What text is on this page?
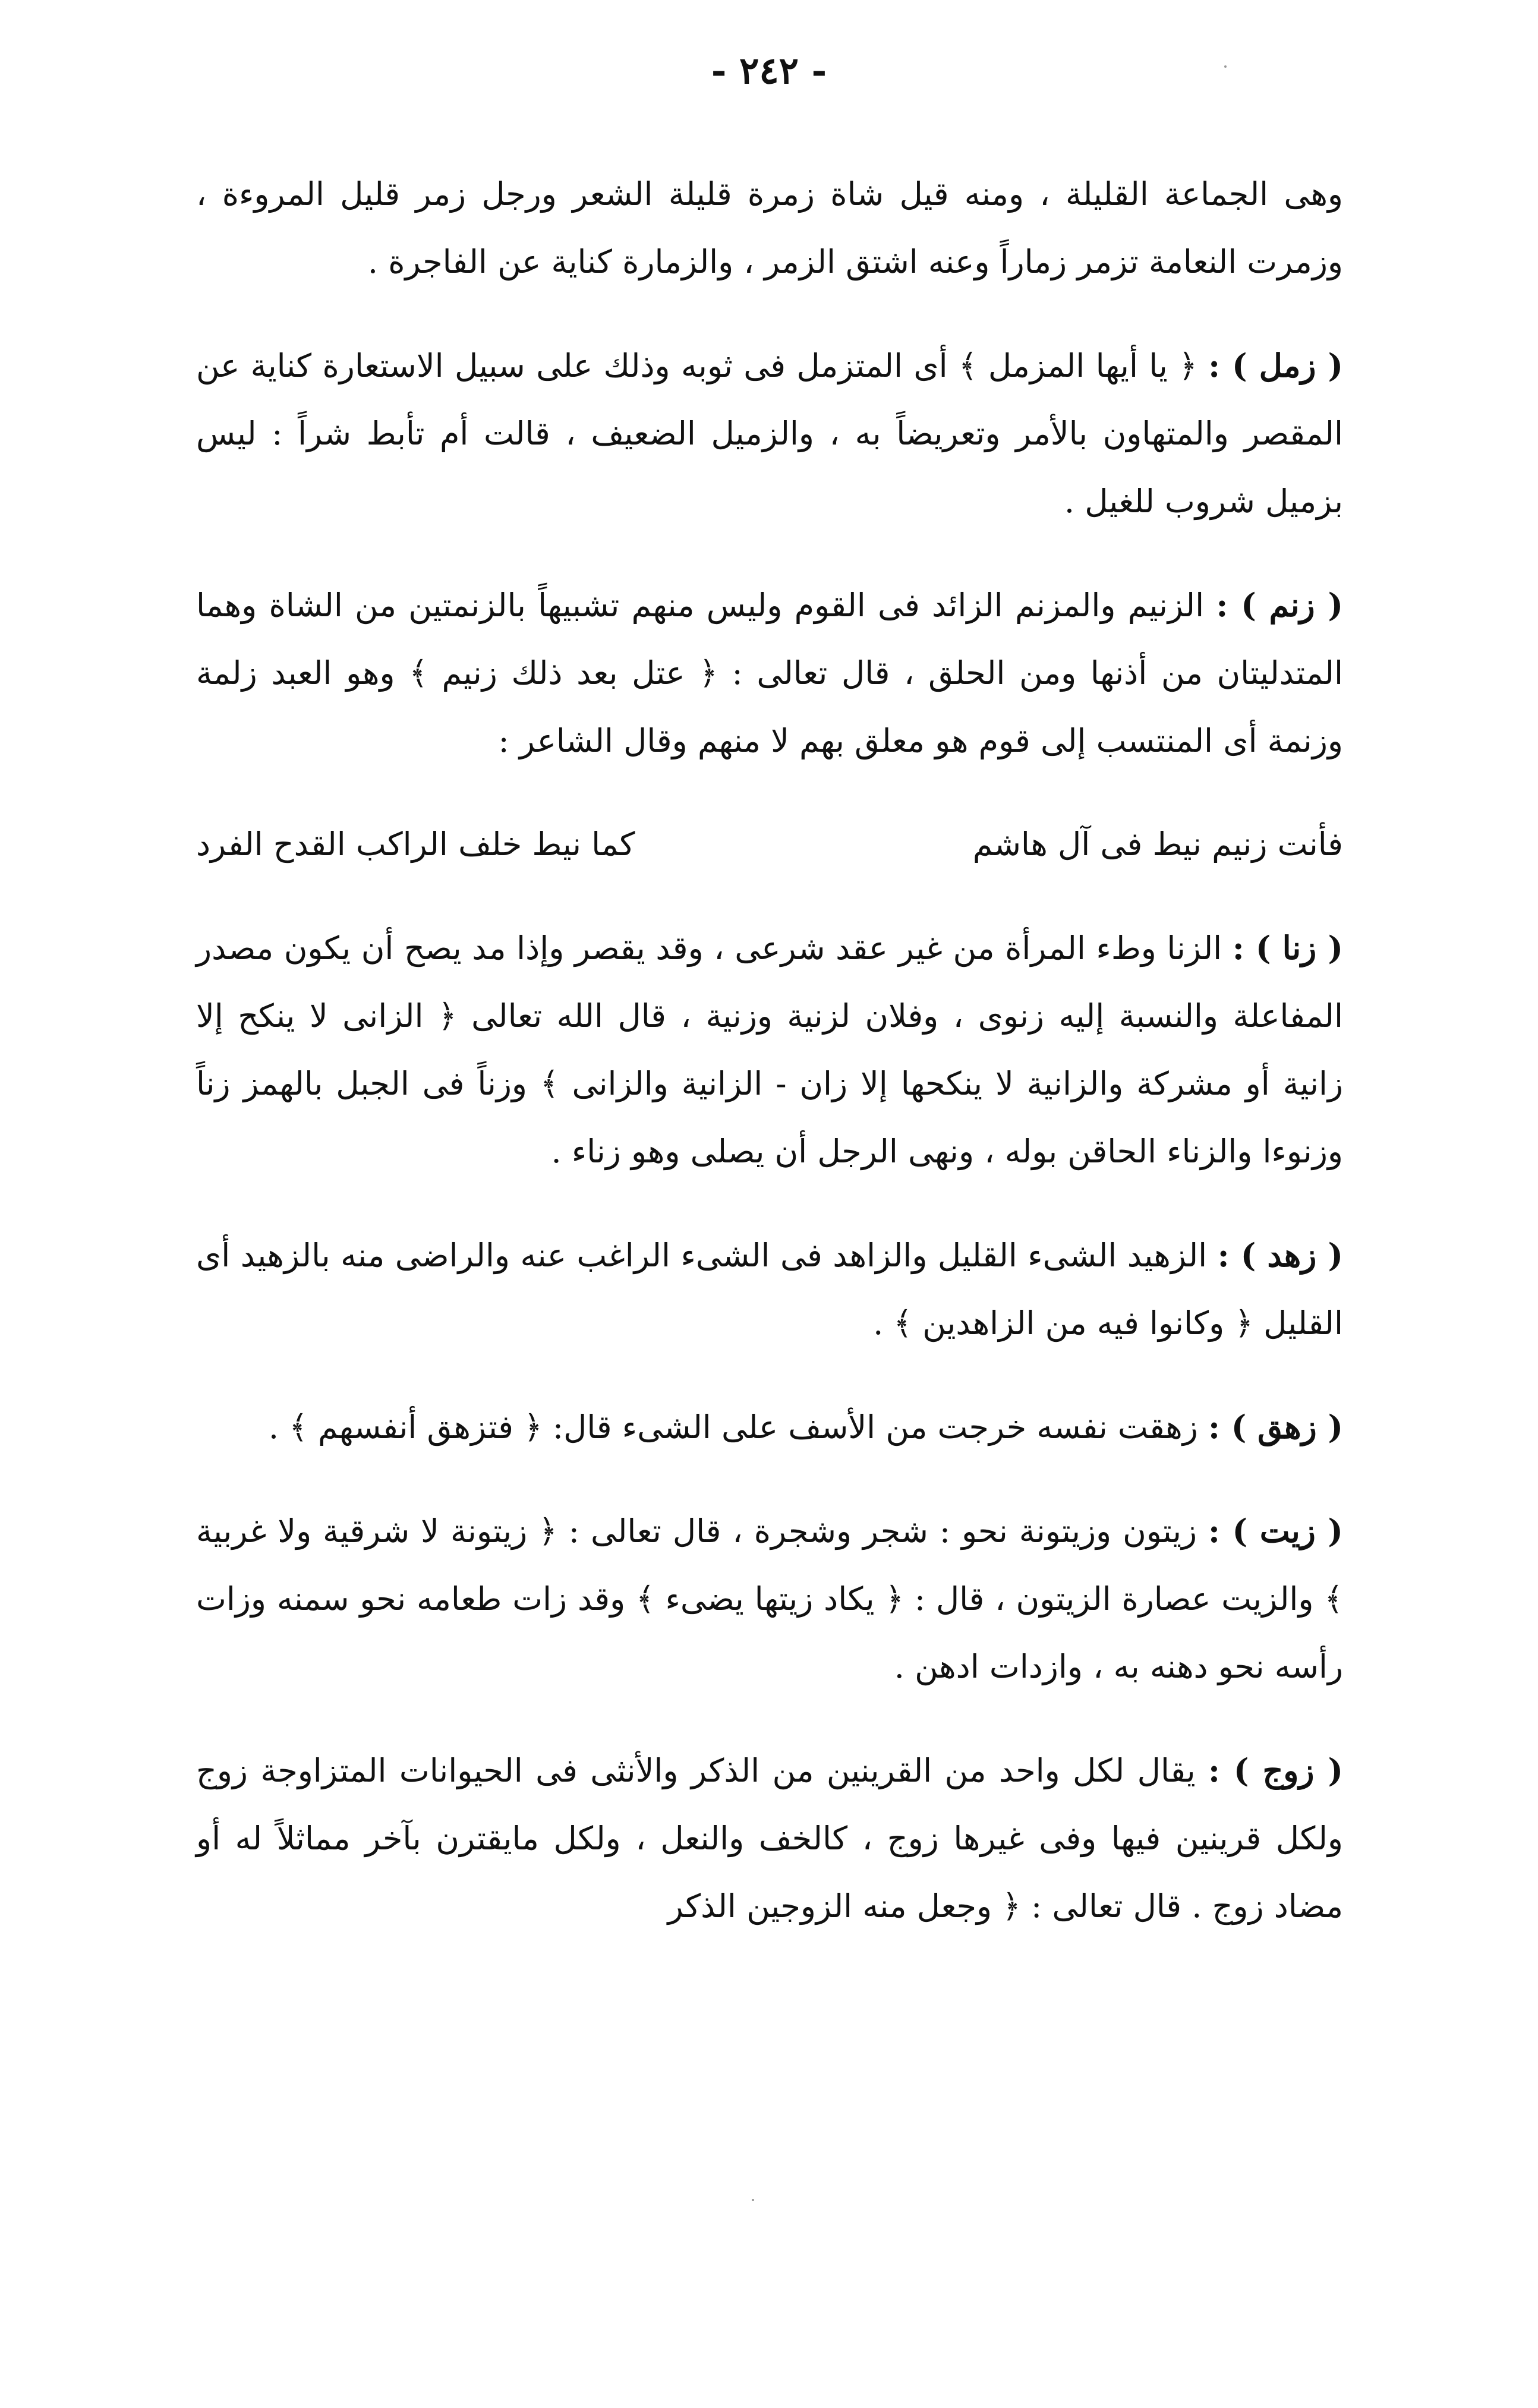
- ٢٤٢ -

وهى الجماعة القليلة ، ومنه قيل شاة زمرة قليلة الشعر ورجل زمر قليل المروءة ، وزمرت النعامة تزمر زماراً وعنه اشتق الزمر ، والزمارة كناية عن الفاجرة .

( زمل ) : ﴿ يا أيها المزمل ﴾ أى المتزمل فى ثوبه وذلك على سبيل الاستعارة كناية عن المقصر والمتهاون بالأمر وتعريضاً به ، والزميل الضعيف ، قالت أم تأبط شراً : ليس بزميل شروب للغيل .

( زنم ) : الزنيم والمزنم الزائد فى القوم وليس منهم تشبيهاً بالزنمتين من الشاة وهما المتدليتان من أذنها ومن الحلق ، قال تعالى : ﴿ عتل بعد ذلك زنيم ﴾ وهو العبد زلمة وزنمة أى المنتسب إلى قوم هو معلق بهم لا منهم وقال الشاعر :

فأنت زنيم نيط فى آل هاشم
كما نيط خلف الراكب القدح الفرد

( زنا ) : الزنا وطء المرأة من غير عقد شرعى ، وقد يقصر وإذا مد يصح أن يكون مصدر المفاعلة والنسبة إليه زنوى ، وفلان لزنية وزنية ، قال الله تعالى ﴿ الزانى لا ينكح إلا زانية أو مشركة والزانية لا ينكحها إلا زان - الزانية والزانى ﴾ وزناً فى الجبل بالهمز زناً وزنوءا والزناء الحاقن بوله ، ونهى الرجل أن يصلى وهو زناء .

( زهد ) : الزهيد الشىء القليل والزاهد فى الشىء الراغب عنه والراضى منه بالزهيد أى القليل ﴿ وكانوا فيه من الزاهدين ﴾ .

( زهق ) : زهقت نفسه خرجت من الأسف على الشىء قال: ﴿ فتزهق أنفسهم ﴾ .

( زيت ) : زيتون وزيتونة نحو : شجر وشجرة ، قال تعالى : ﴿ زيتونة لا شرقية ولا غربية ﴾ والزيت عصارة الزيتون ، قال : ﴿ يكاد زيتها يضىء ﴾ وقد زات طعامه نحو سمنه وزات رأسه نحو دهنه به ، وازدات ادهن .

( زوج ) : يقال لكل واحد من القرينين من الذكر والأنثى فى الحيوانات المتزاوجة زوج ولكل قرينين فيها وفى غيرها زوج ، كالخف والنعل ، ولكل مايقترن بآخر مماثلاً له أو مضاد زوج . قال تعالى : ﴿ وجعل منه الزوجين الذكر
